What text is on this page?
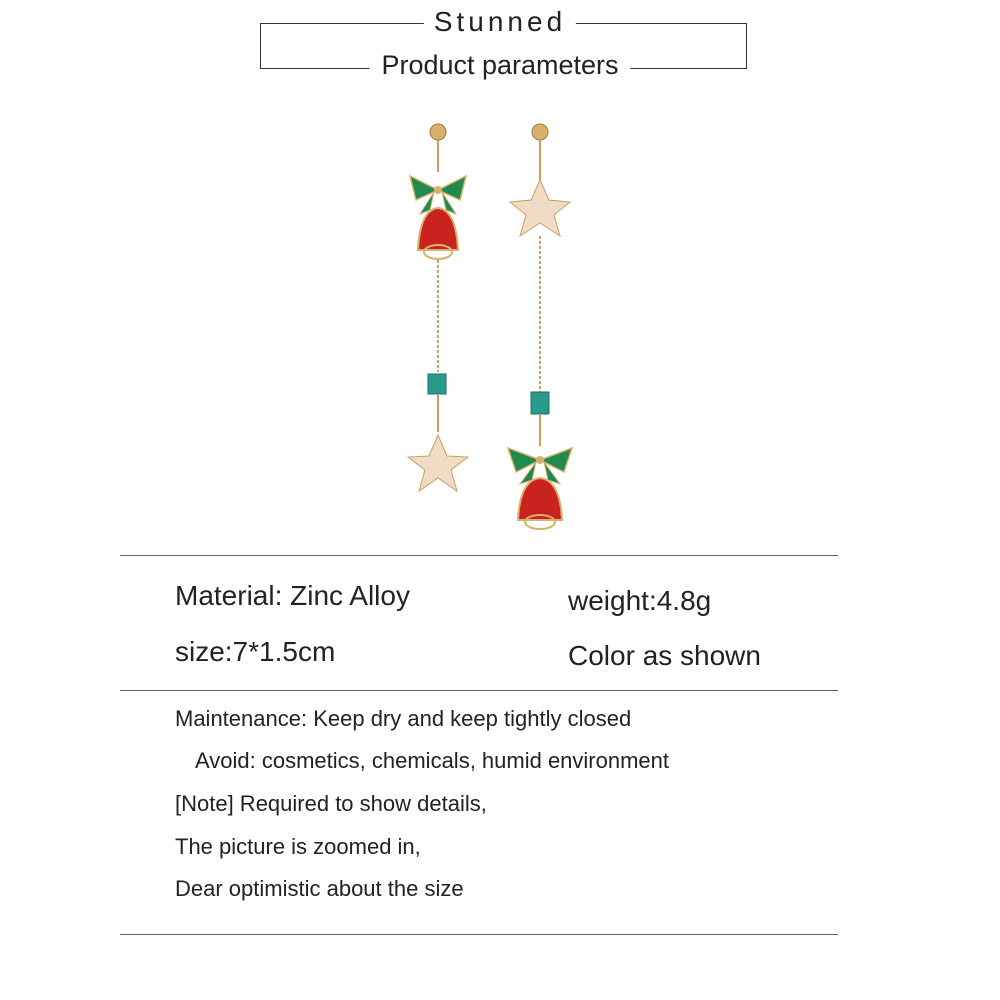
Stunned
Product parameters
Material: Zinc Alloy	weight:4.8g
size:7*1.5cm	Color as shown
Maintenance: Keep dry and keep tightly closed
Avoid: cosmetics, chemicals, humid environment
[Note] Required to show details,
The picture is zoomed in,
Dear optimistic about the size
